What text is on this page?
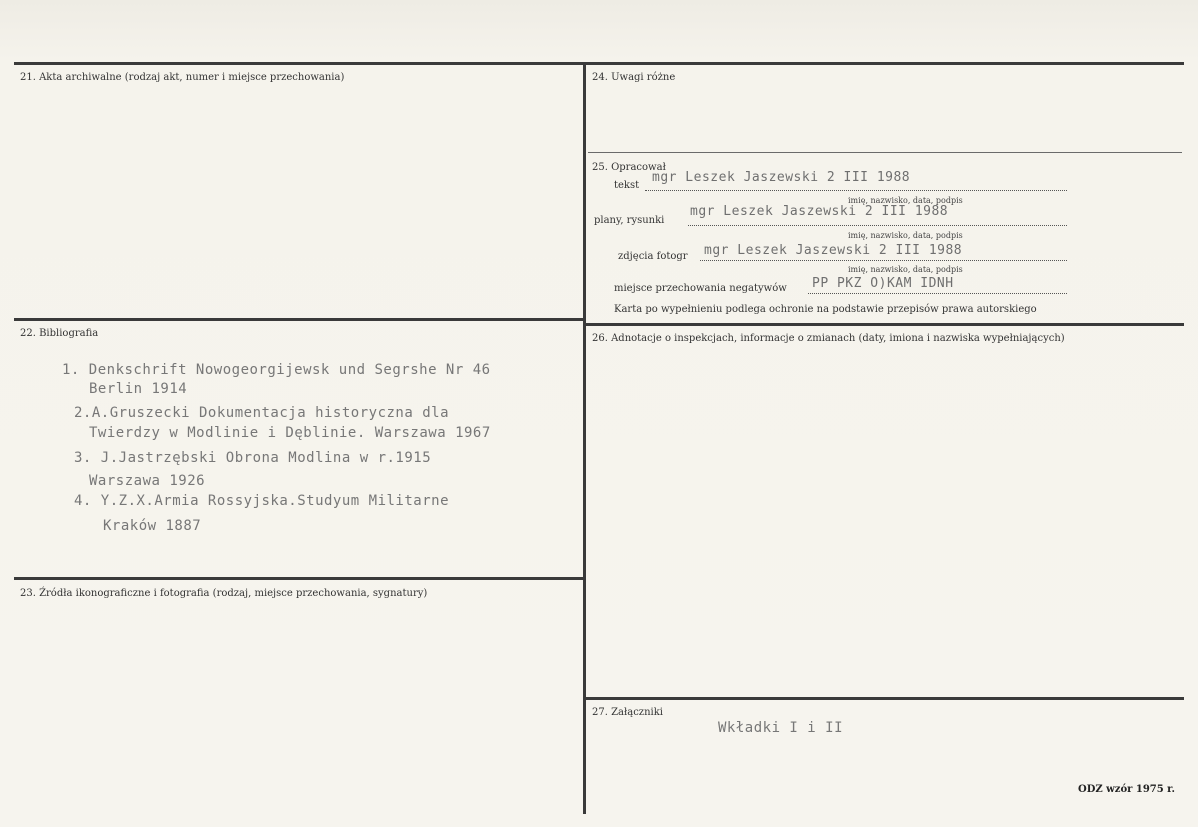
21. Akta archiwalne (rodzaj akt, numer i miejsce przechowania)
22. Bibliografia
1. Denkschrift Nowogeorgijewsk und Segrshe Nr 46
Berlin 1914
2.A.Gruszecki Dokumentacja historyczna dla
Twierdzy w Modlinie i Dęblinie. Warszawa 1967
3. J.Jastrzębski Obrona Modlina w r.1915
Warszawa 1926
4. Y.Z.X.Armia Rossyjska.Studyum Militarne
Kraków 1887
23. Źródła ikonograficzne i fotografia (rodzaj, miejsce przechowania, sygnatury)
24. Uwagi różne
25. Opracował
tekst
mgr Leszek Jaszewski 2 III 1988
imię, nazwisko, data, podpis
plany, rysunki
mgr Leszek Jaszewski 2 III 1988
imię, nazwisko, data, podpis
zdjęcia fotogr mgr Leszek Jaszewski 2 III 1988
imię, nazwisko, data, podpis
miejsce przechowania negatywów PP PKZ O)KAM IDNH
Karta po wypełnieniu podlega ochronie na podstawie przepisów prawa autorskiego
26. Adnotacje o inspekcjach, informacje o zmianach (daty, imiona i nazwiska wypełniających)
27. Załączniki
Wkładki I i II
ODZ wzór 1975 r.
